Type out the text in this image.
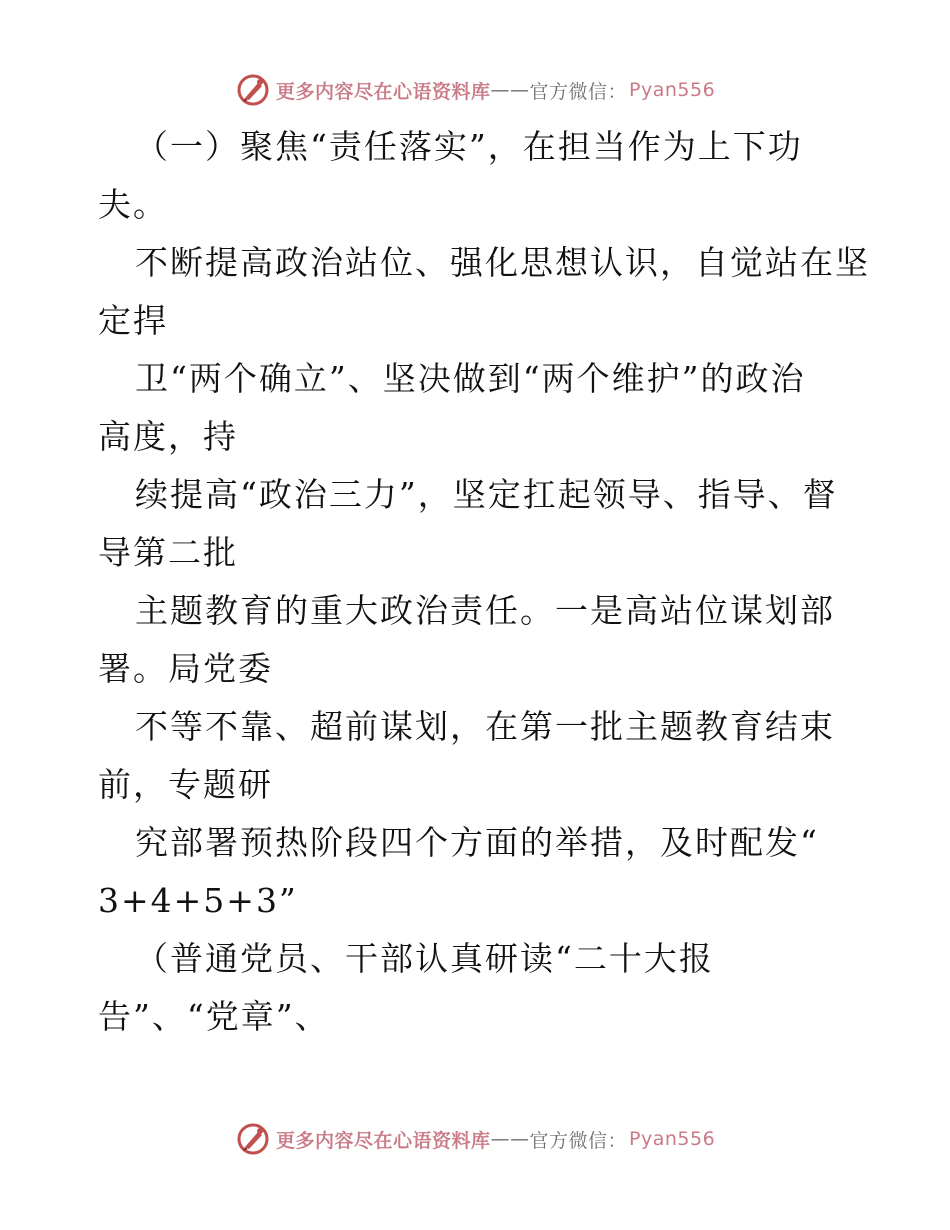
更多内容尽在心语资料库 —— 官方微信： Pyan556
（一）聚焦“责任落实”，在担当作为上下功
夫。
不断提高政治站位、强化思想认识，自觉站在坚
定捍
卫“两个确立”、坚决做到“两个维护”的政治
高度，持
续提高“政治三力”，坚定扛起领导、指导、督
导第二批
主题教育的重大政治责任。一是高站位谋划部
署。局党委
不等不靠、超前谋划，在第一批主题教育结束
前，专题研
究部署预热阶段四个方面的举措，及时配发“
3+4+5+3”
（普通党员、干部认真研读“二十大报
告”、“党章”、
更多内容尽在心语资料库 —— 官方微信： Pyan556
